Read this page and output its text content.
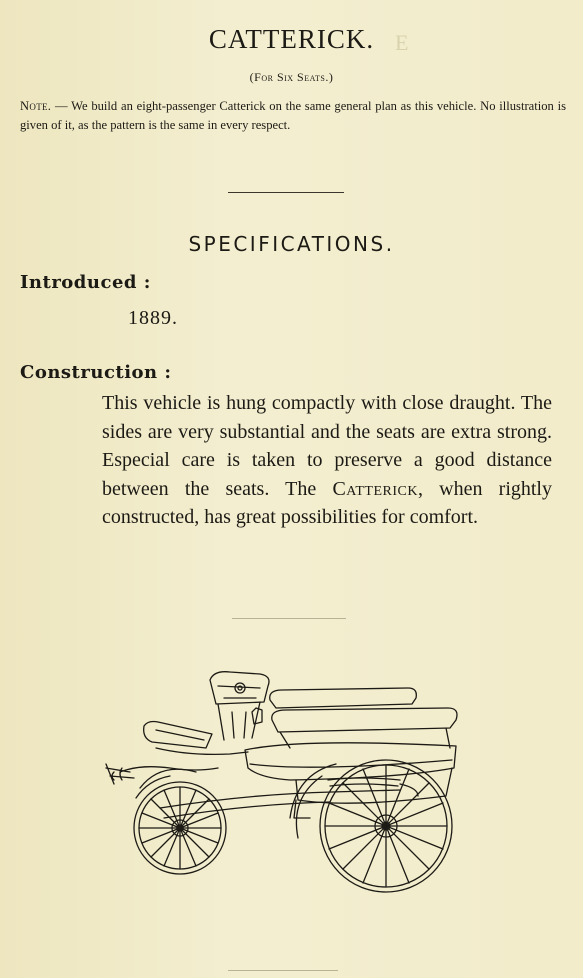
E
CATTERICK.
(For Six Seats.)
Note. — We build an eight-passenger Catterick on the same general plan as this vehicle. No illustration is given of it, as the pattern is the same in every respect.
SPECIFICATIONS.
Introduced :
1889.
Construction :
This vehicle is hung compactly with close draught. The sides are very substantial and the seats are extra strong. Especial care is taken to preserve a good distance between the seats. The Catterick, when rightly constructed, has great possibilities for comfort.
